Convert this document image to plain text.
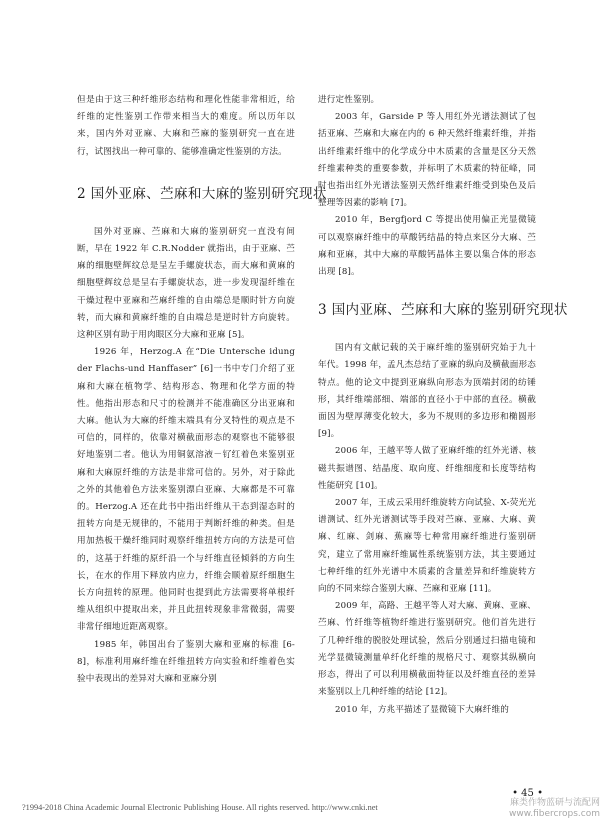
但是由于这三种纤维形态结构和理化性能非常相近，给纤维的定性鉴别工作带来相当大的难度。所以历年以来，国内外对亚麻、大麻和苎麻的鉴别研究一直在进行，试图找出一种可靠的、能够准确定性鉴别的方法。

2 国外亚麻、苎麻和大麻的鉴别研究现状

国外对亚麻、苎麻和大麻的鉴别研究一直没有间断，早在 1922 年 C.R.Nodder 就指出，由于亚麻、苎麻的细胞壁辉纹总是呈左手螺旋状态，而大麻和黄麻的细胞壁辉纹总是呈右手螺旋状态，进一步发现湿纤维在干燥过程中亚麻和苎麻纤维的自由端总是顺时针方向旋转，而大麻和黄麻纤维的自由端总是逆时针方向旋转。这种区别有助于用肉眼区分大麻和亚麻 [5]。

1926 年，Herzog.A 在“Die Untersche idung der Flachs-und Hanffaser” [6]一书中专门介绍了亚麻和大麻在植物学、结构形态、物理和化学方面的特性。他指出形态和尺寸的检测并不能准确区分出亚麻和大麻。他认为大麻的纤维末端具有分叉特性的观点是不可信的，同样的，依靠对横截面形态的观察也不能够很好地鉴别二者。他认为用铜氨溶液－钌红着色来鉴别亚麻和大麻原纤维的方法是非常可信的。另外，对于除此之外的其他着色方法来鉴别漂白亚麻、大麻都是不可靠的。Herzog.A 还在此书中指出纤维从干态到湿态时的扭转方向是无规律的，不能用于判断纤维的种类。但是用加热板干燥纤维同时观察纤维扭转方向的方法是可信的，这基于纤维的原纤沿一个与纤维直径倾斜的方向生长，在水的作用下释放内应力，纤维会顺着原纤细胞生长方向扭转的原理。他同时也提到此方法需要将单根纤维从组织中提取出来，并且此扭转现象非常微弱，需要非常仔细地近距离观察。

1985 年，韩国出台了鉴别大麻和亚麻的标准 [6-8]，标准利用麻纤维在纤维扭转方向实验和纤维着色实验中表现出的差异对大麻和亚麻分别

进行定性鉴别。

2003 年，Garside P 等人用红外光谱法测试了包括亚麻、苎麻和大麻在内的 6 种天然纤维素纤维，并指出纤维素纤维中的化学成分中木质素的含量是区分天然纤维素种类的重要参数，并标明了木质素的特征峰，同时也指出红外光谱法鉴别天然纤维素纤维受到染色及后整理等因素的影响 [7]。

2010 年，Bergfjord C 等提出使用偏正光显微镜可以观察麻纤维中的草酸钙结晶的特点来区分大麻、苎麻和亚麻，其中大麻的草酸钙晶体主要以集合体的形态出现 [8]。

3 国内亚麻、苎麻和大麻的鉴别研究现状

国内有文献记载的关于麻纤维的鉴别研究始于九十年代。1998 年，孟凡杰总结了亚麻的纵向及横截面形态特点。他的论文中提到亚麻纵向形态为顶端封闭的纺锤形，其纤维端部细、端部的直径小于中部的直径。横截面因为壁厚薄变化较大，多为不规则的多边形和椭圆形 [9]。

2006 年，王越平等人做了亚麻纤维的红外光谱、核磁共振谱图、结晶度、取向度、纤维细度和长度等结构性能研究 [10]。

2007 年，王成云采用纤维旋转方向试验、X-荧光光谱测试、红外光谱测试等手段对苎麻、亚麻、大麻、黄麻、红麻、剑麻、蕉麻等七种常用麻纤维进行鉴别研究，建立了常用麻纤维属性系统鉴别方法，其主要通过七种纤维的红外光谱中木质素的含量差异和纤维旋转方向的不同来综合鉴别大麻、苎麻和亚麻 [11]。

2009 年，高路、王越平等人对大麻、黄麻、亚麻、苎麻、竹纤维等植物纤维进行鉴别研究。他们首先进行了几种纤维的脱胶处理试验，然后分别通过扫描电镜和光学显微镜测量单纤化纤维的规格尺寸、观察其纵横向形态，得出了可以利用横截面特征以及纤维直径的差异来鉴别以上几种纤维的结论 [12]。

2010 年，方兆平描述了显微镜下大麻纤维的

• 45 •
?1994-2018 China Academic Journal Electronic Publishing House. All rights reserved. http://www.cnki.net	麻类作物蓝研与流配网
www.fibercrops.com
